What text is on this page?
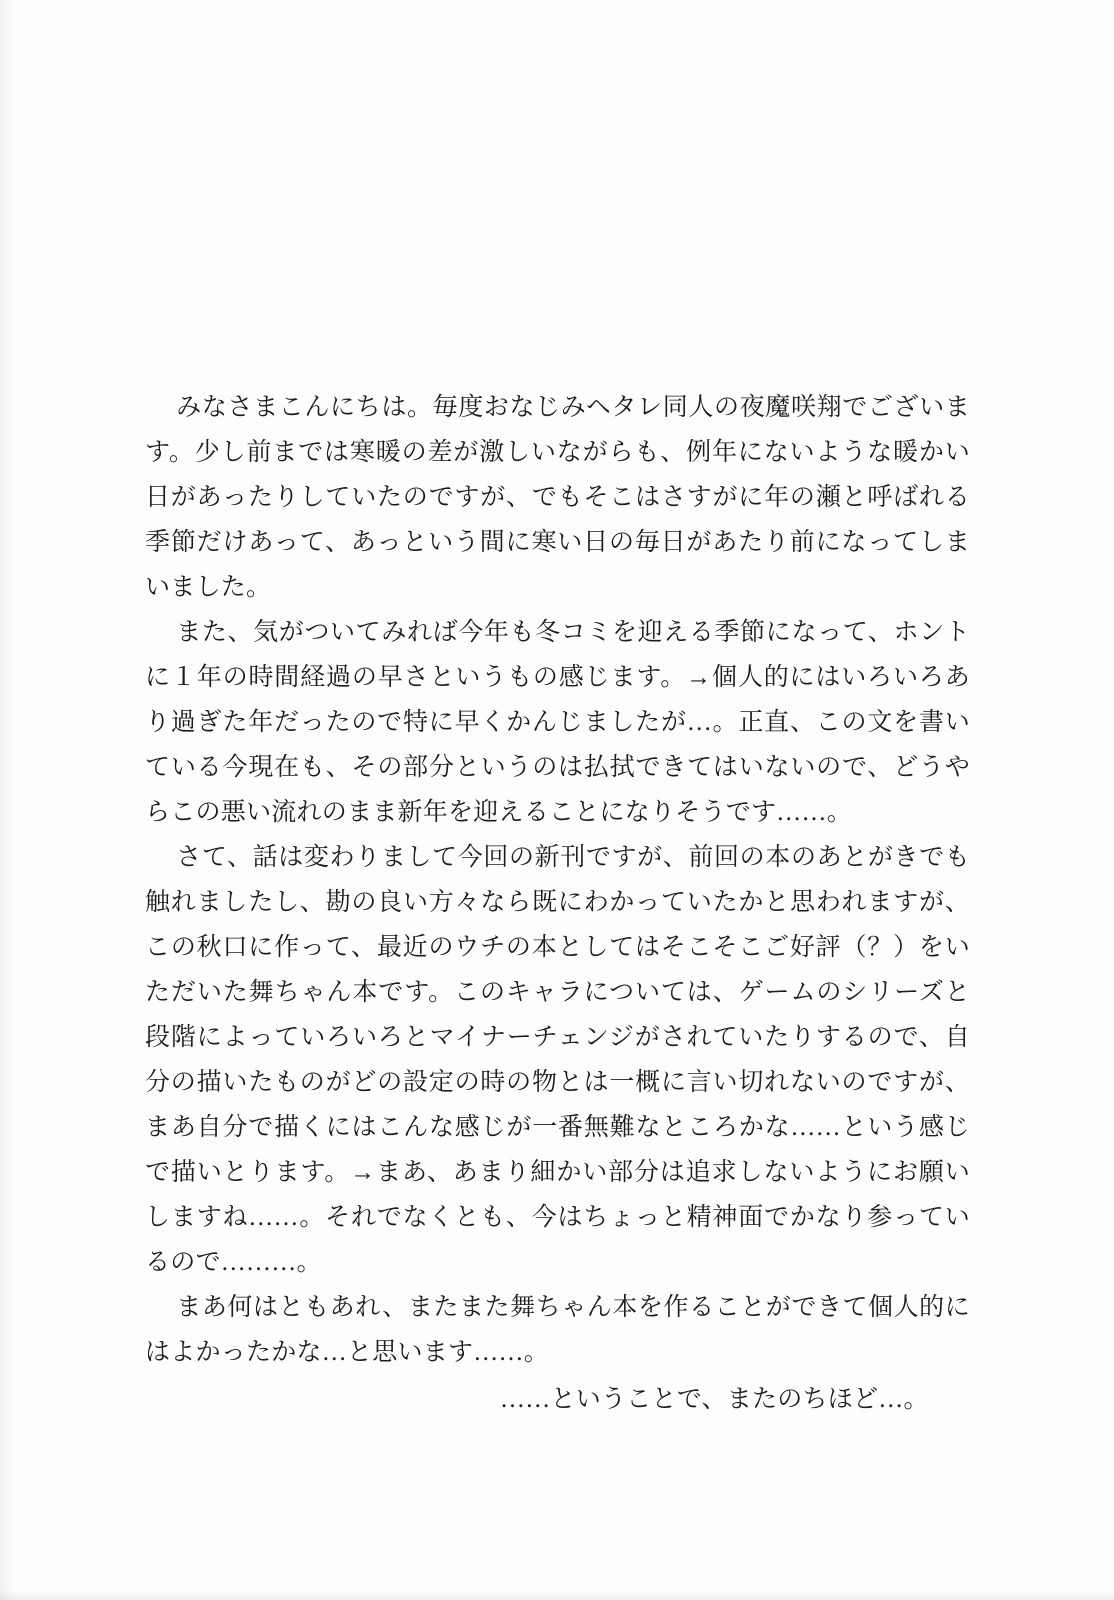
みなさまこんにちは。毎度おなじみヘタレ同人の夜魔咲翔でございます。少し前までは寒暖の差が激しいながらも、例年にないような暖かい日があったりしていたのですが、でもそこはさすがに年の瀬と呼ばれる季節だけあって、あっという間に寒い日の毎日があたり前になってしまいました。

また、気がついてみれば今年も冬コミを迎える季節になって、ホントに１年の時間経過の早さというもの感じます。→個人的にはいろいろあり過ぎた年だったので特に早くかんじましたが…。正直、この文を書いている今現在も、その部分というのは払拭できてはいないので、どうやらこの悪い流れのまま新年を迎えることになりそうです……。

さて、話は変わりまして今回の新刊ですが、前回の本のあとがきでも触れましたし、勘の良い方々なら既にわかっていたかと思われますが、この秋口に作って、最近のウチの本としてはそこそこご好評（？）をいただいた舞ちゃん本です。このキャラについては、ゲームのシリーズと段階によっていろいろとマイナーチェンジがされていたりするので、自分の描いたものがどの設定の時の物とは一概に言い切れないのですが、まあ自分で描くにはこんな感じが一番無難なところかな……という感じで描いとります。→まあ、あまり細かい部分は追求しないようにお願いしますね……。それでなくとも、今はちょっと精神面でかなり参っているので………。

まあ何はともあれ、またまた舞ちゃん本を作ることができて個人的にはよかったかな…と思います……。

……ということで、またのちほど…。
